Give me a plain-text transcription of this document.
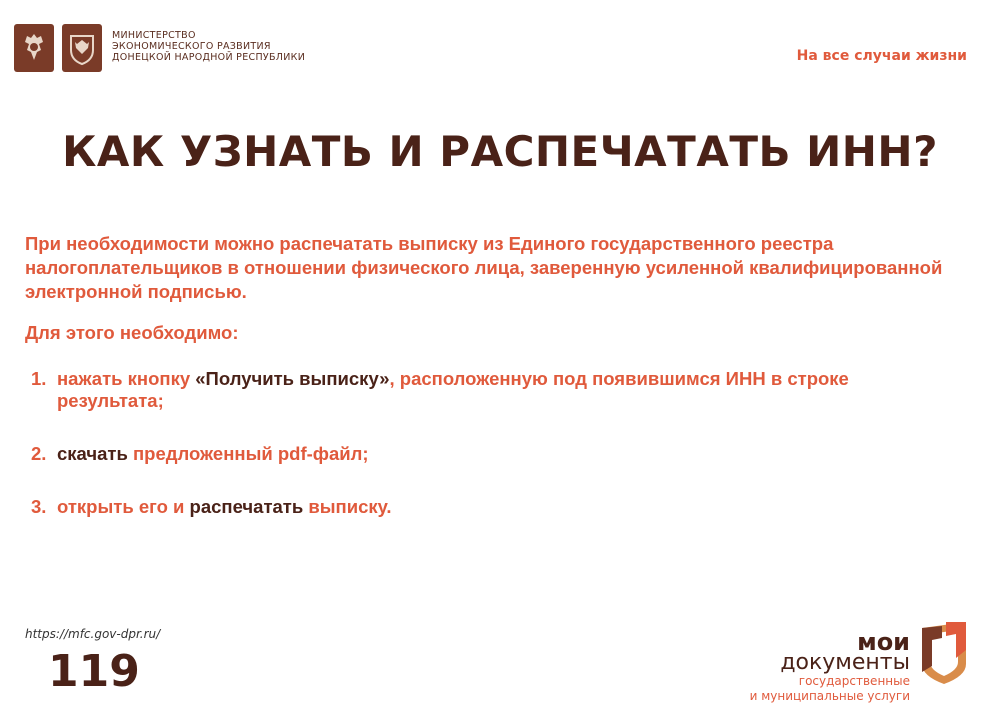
МИНИСТЕРСТВО
ЭКОНОМИЧЕСКОГО РАЗВИТИЯ
ДОНЕЦКОЙ НАРОДНОЙ РЕСПУБЛИКИ	На все случаи жизни
КАК УЗНАТЬ И РАСПЕЧАТАТЬ ИНН?

При необходимости можно распечатать выписку из Единого государственного реестра налогоплательщиков в отношении физического лица, заверенную усиленной квалифицированной электронной подписью.

Для этого необходимо:

1. нажать кнопку «Получить выписку», расположенную под появившимся ИНН в строке результата;
2. скачать предложенный pdf-файл;
3. открыть его и распечатать выписку.
https://mfc.gov-dpr.ru/
119
мои
документы
государственные
и муниципальные услуги
